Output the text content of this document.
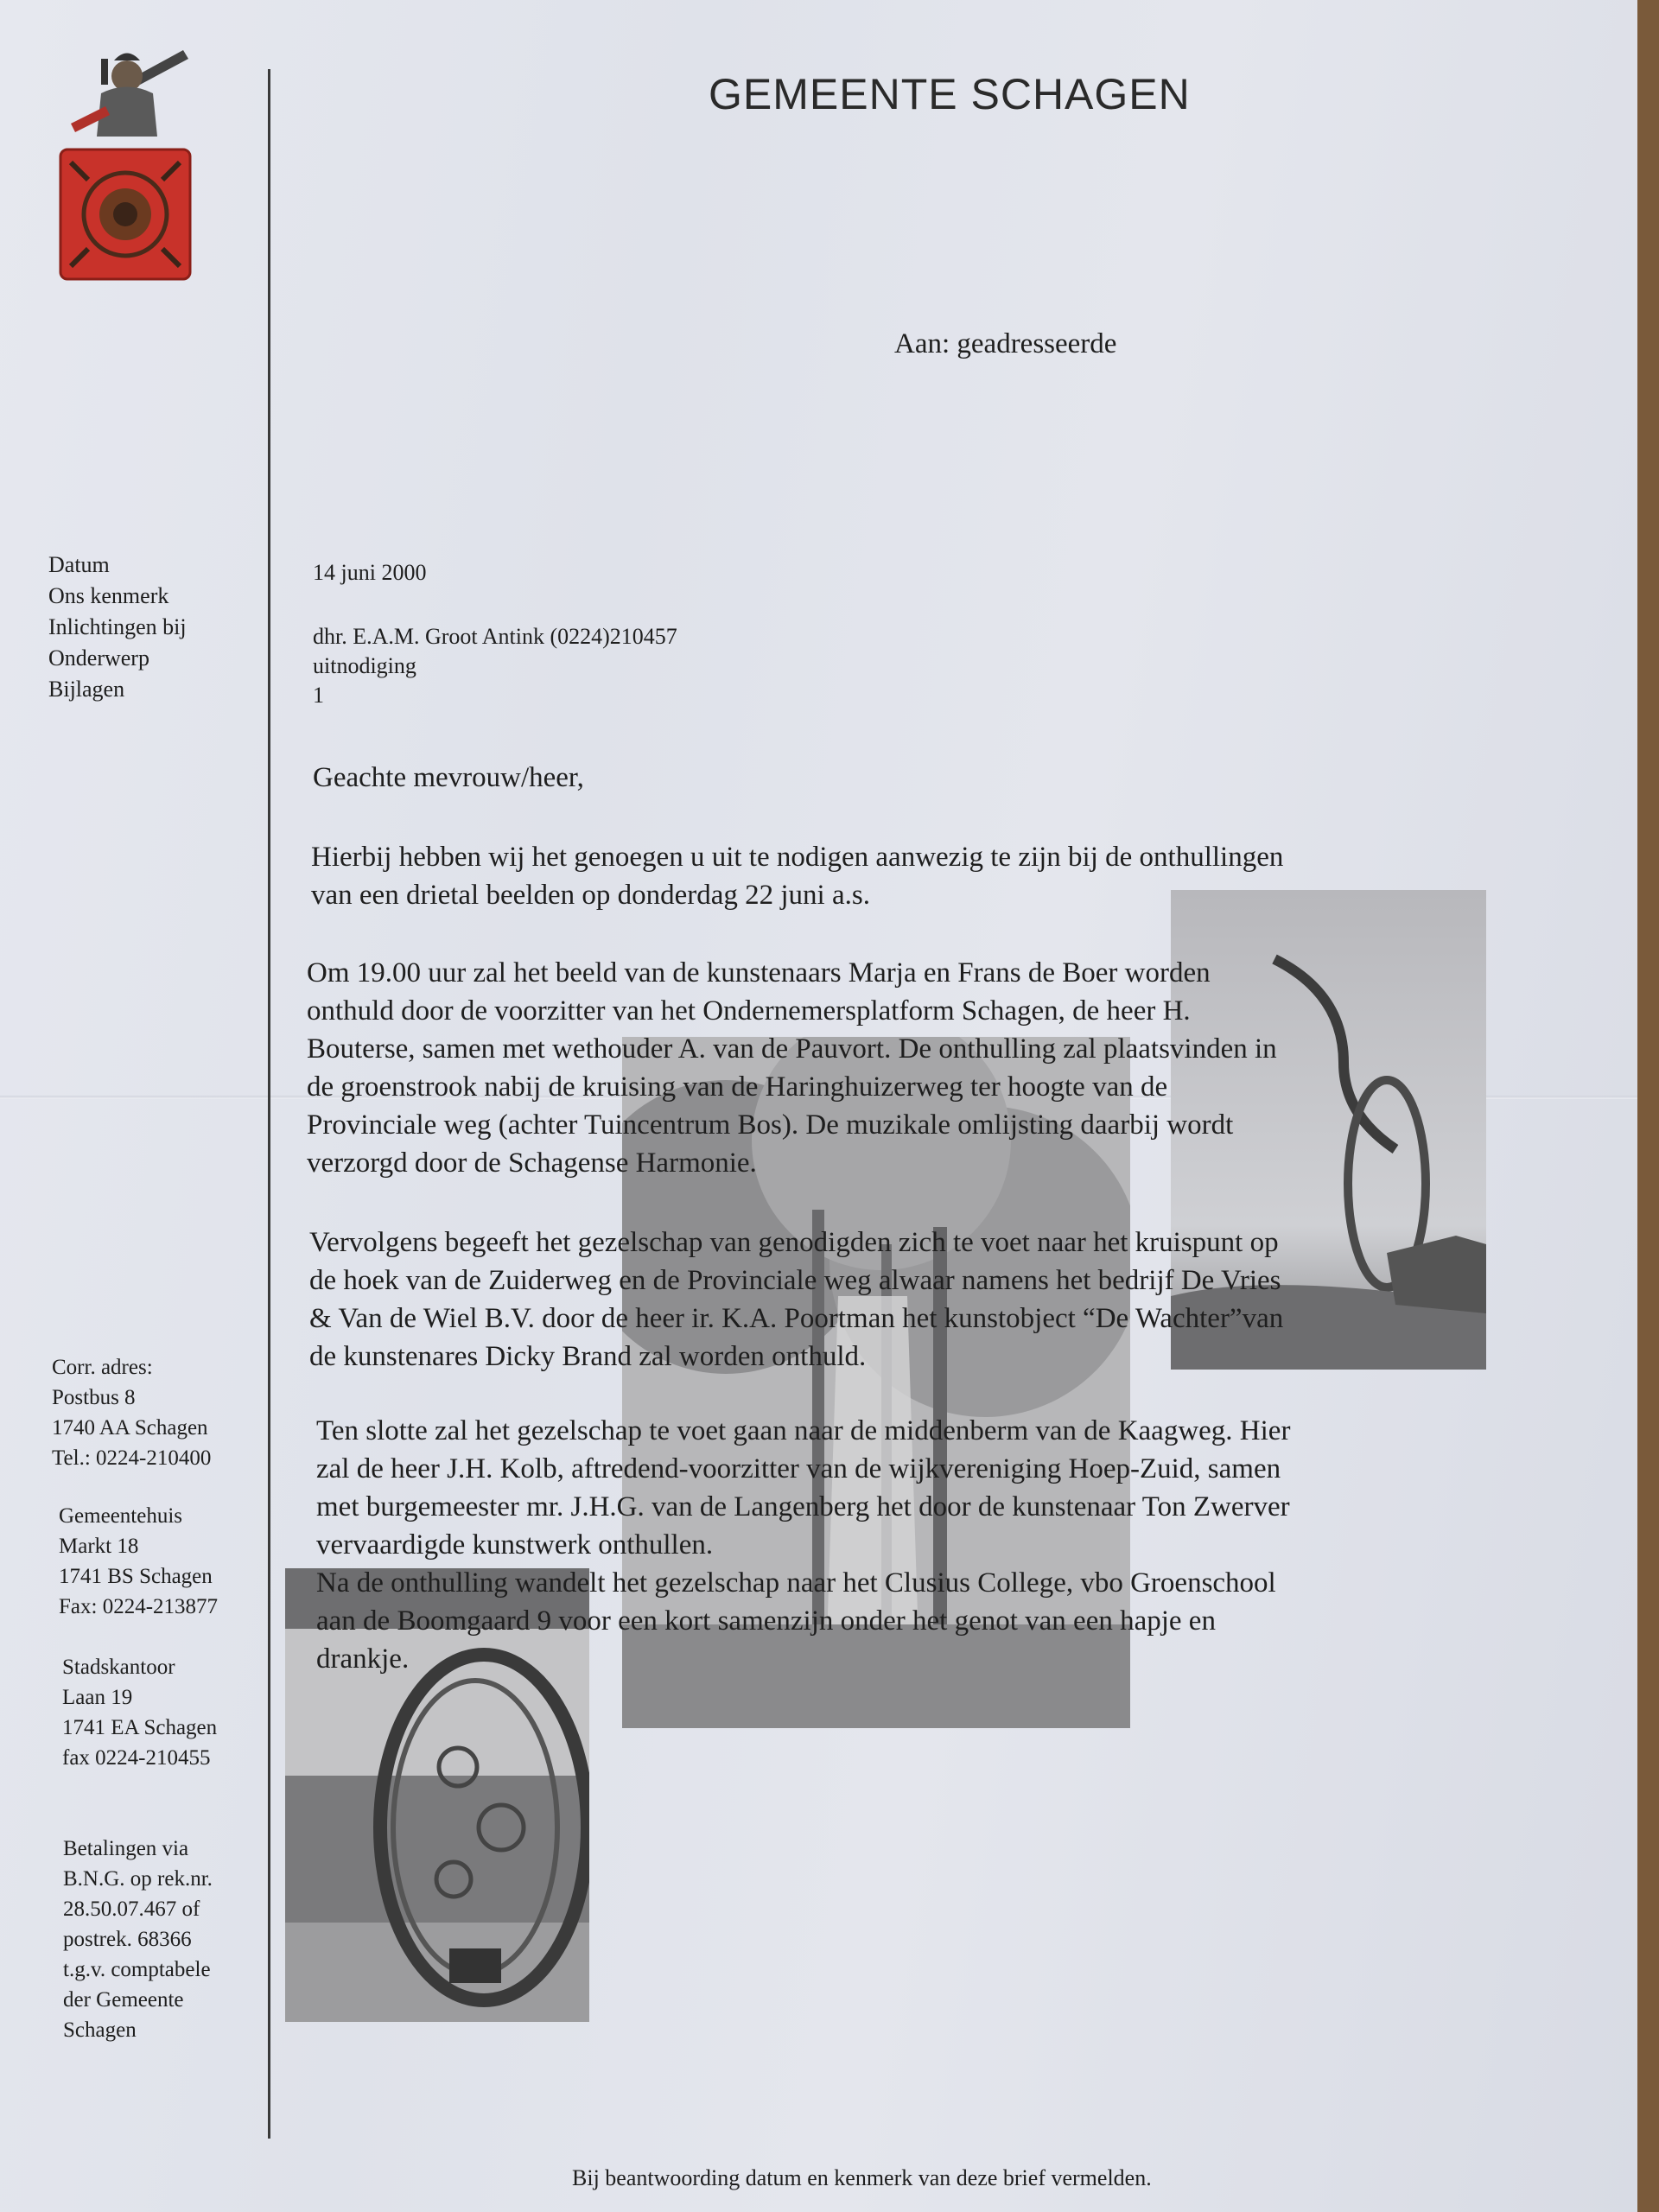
GEMEENTE SCHAGEN
Aan: geadresseerde
Datum
Ons kenmerk
Inlichtingen bij
Onderwerp
Bijlagen
14 juni 2000
dhr. E.A.M. Groot Antink (0224)210457
uitnodiging
1
Corr. adres:
Postbus 8
1740 AA Schagen
Tel.: 0224-210400
Gemeentehuis
Markt 18
1741 BS Schagen
Fax: 0224-213877
Stadskantoor
Laan 19
1741 EA Schagen
fax 0224-210455
Betalingen via
B.N.G. op rek.nr.
28.50.07.467 of
postrek. 68366
t.g.v. comptabele
der Gemeente
Schagen
Geachte mevrouw/heer,
Hierbij hebben wij het genoegen u uit te nodigen aanwezig te zijn bij de onthullingen
van een drietal beelden op donderdag 22 juni a.s.
Om 19.00 uur zal het beeld van de kunstenaars Marja en Frans de Boer worden
onthuld door de voorzitter van het Ondernemersplatform Schagen, de heer H.
Bouterse, samen met wethouder A. van de Pauvort. De onthulling zal plaatsvinden in
de groenstrook nabij de kruising van de Haringhuizerweg ter hoogte van de
Provinciale weg (achter Tuincentrum Bos). De muzikale omlijsting daarbij wordt
verzorgd door de Schagense Harmonie.
Vervolgens begeeft het gezelschap van genodigden zich te voet naar het kruispunt op
de hoek van de Zuiderweg en de Provinciale weg alwaar namens het bedrijf De Vries
& Van de Wiel B.V. door de heer ir. K.A. Poortman het kunstobject “De Wachter”van
de kunstenares Dicky Brand zal worden onthuld.
Ten slotte zal het gezelschap te voet gaan naar de middenberm van de Kaagweg. Hier
zal de heer J.H. Kolb, aftredend-voorzitter van de wijkvereniging Hoep-Zuid, samen
met burgemeester mr. J.H.G. van de Langenberg het door de kunstenaar Ton Zwerver
vervaardigde kunstwerk onthullen.
Na de onthulling wandelt het gezelschap naar het Clusius College, vbo Groenschool
aan de Boomgaard 9 voor een kort samenzijn onder het genot van een hapje en
drankje.
Bij beantwoording datum en kenmerk van deze brief vermelden.
